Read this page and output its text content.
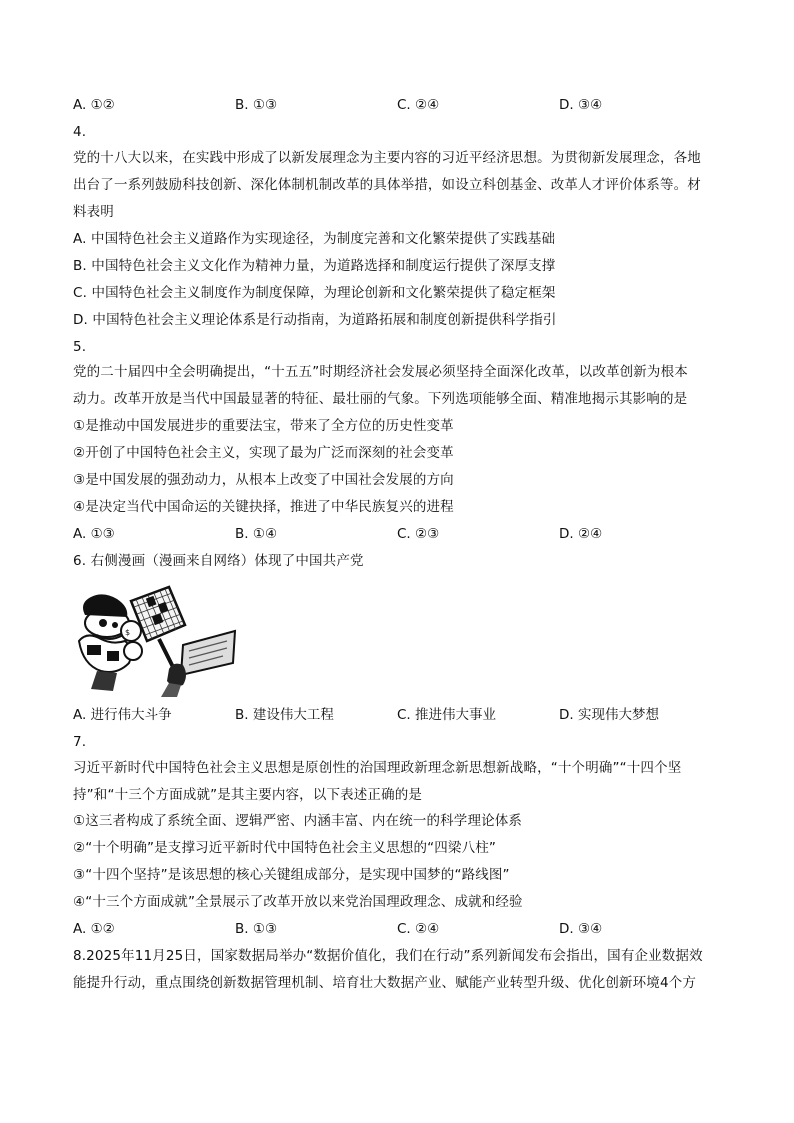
A. ①②	B. ①③	C. ②④	D. ③④
4.
党的十八大以来，在实践中形成了以新发展理念为主要内容的习近平经济思想。为贯彻新发展理念，各地
出台了一系列鼓励科技创新、深化体制机制改革的具体举措，如设立科创基金、改革人才评价体系等。材
料表明
A. 中国特色社会主义道路作为实现途径，为制度完善和文化繁荣提供了实践基础
B. 中国特色社会主义文化作为精神力量，为道路选择和制度运行提供了深厚支撑
C. 中国特色社会主义制度作为制度保障，为理论创新和文化繁荣提供了稳定框架
D. 中国特色社会主义理论体系是行动指南，为道路拓展和制度创新提供科学指引
5.
党的二十届四中全会明确提出，“十五五”时期经济社会发展必须坚持全面深化改革，以改革创新为根本
动力。改革开放是当代中国最显著的特征、最壮丽的气象。下列选项能够全面、精准地揭示其影响的是
①是推动中国发展进步的重要法宝，带来了全方位的历史性变革
②开创了中国特色社会主义，实现了最为广泛而深刻的社会变革
③是中国发展的强劲动力，从根本上改变了中国社会发展的方向
④是决定当代中国命运的关键抉择，推进了中华民族复兴的进程
A. ①③	B. ①④	C. ②③	D. ②④
6. 右侧漫画（漫画来自网络）体现了中国共产党
$
A. 进行伟大斗争	B. 建设伟大工程	C. 推进伟大事业	D. 实现伟大梦想
7.
习近平新时代中国特色社会主义思想是原创性的治国理政新理念新思想新战略，“十个明确”“十四个坚
持”和“十三个方面成就”是其主要内容，以下表述正确的是
①这三者构成了系统全面、逻辑严密、内涵丰富、内在统一的科学理论体系
②“十个明确”是支撑习近平新时代中国特色社会主义思想的“四梁八柱”
③“十四个坚持”是该思想的核心关键组成部分，是实现中国梦的“路线图”
④“十三个方面成就”全景展示了改革开放以来党治国理政理念、成就和经验
A. ①②	B. ①③	C. ②④	D. ③④
8.2025年11月25日，国家数据局举办“数据价值化，我们在行动”系列新闻发布会指出，国有企业数据效
能提升行动，重点围绕创新数据管理机制、培育壮大数据产业、赋能产业转型升级、优化创新环境4个方
